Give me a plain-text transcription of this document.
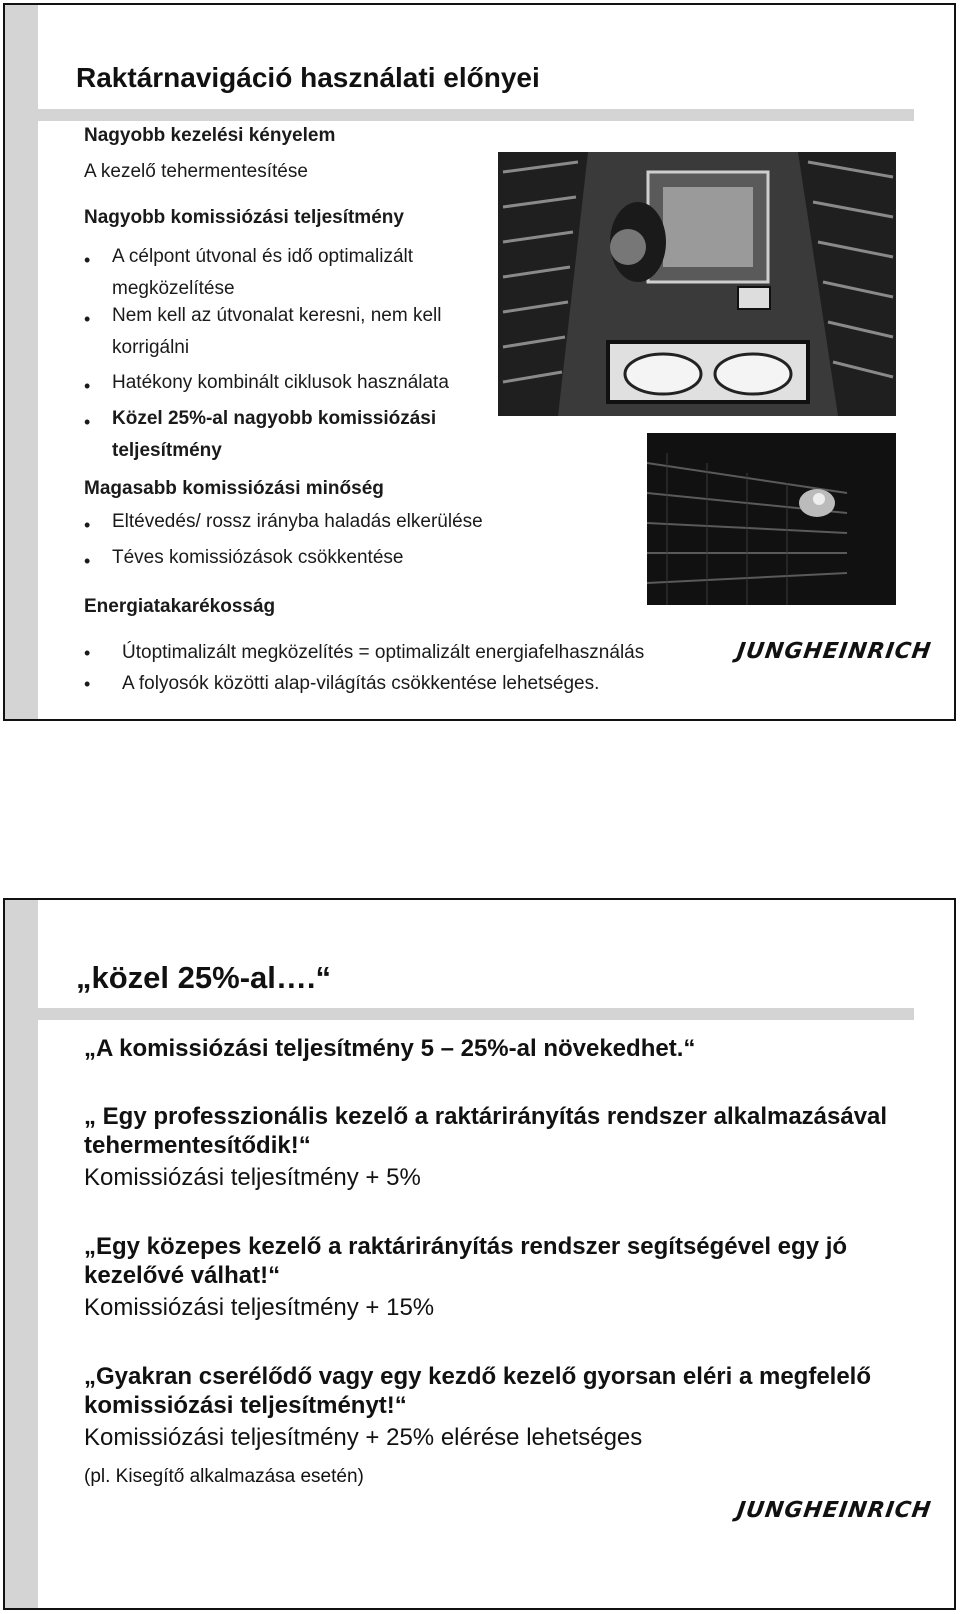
Raktárnavigáció használati előnyei
Nagyobb kezelési kényelem
A kezelő tehermentesítése
Nagyobb komissiózási teljesítmény
• A célpont útvonal és idő optimalizált megközelítése
• Nem kell az útvonalat keresni, nem kell korrigálni
• Hatékony kombinált ciklusok használata
• Közel 25%-al nagyobb komissiózási teljesítmény
Magasabb komissiózási minőség
• Eltévedés/ rossz irányba haladás elkerülése
• Téves komissiózások csökkentése
Energiatakarékosság
• Útoptimalizált megközelítés = optimalizált energiafelhasználás
• A folyosók közötti alap-világítás csökkentése lehetséges.
JUNGHEINRICH
„közel 25%-al….“
„A komissiózási teljesítmény 5 – 25%-al növekedhet.“
„ Egy professzionális kezelő a raktárirányítás rendszer alkalmazásával tehermentesítődik!“
Komissiózási teljesítmény + 5%
„Egy közepes kezelő a raktárirányítás rendszer segítségével egy jó kezelővé válhat!“
Komissiózási teljesítmény + 15%
„Gyakran cserélődő vagy egy kezdő kezelő gyorsan eléri a megfelelő komissiózási teljesítményt!“
Komissiózási teljesítmény + 25% elérése lehetséges
(pl. Kisegítő alkalmazása esetén)
JUNGHEINRICH
